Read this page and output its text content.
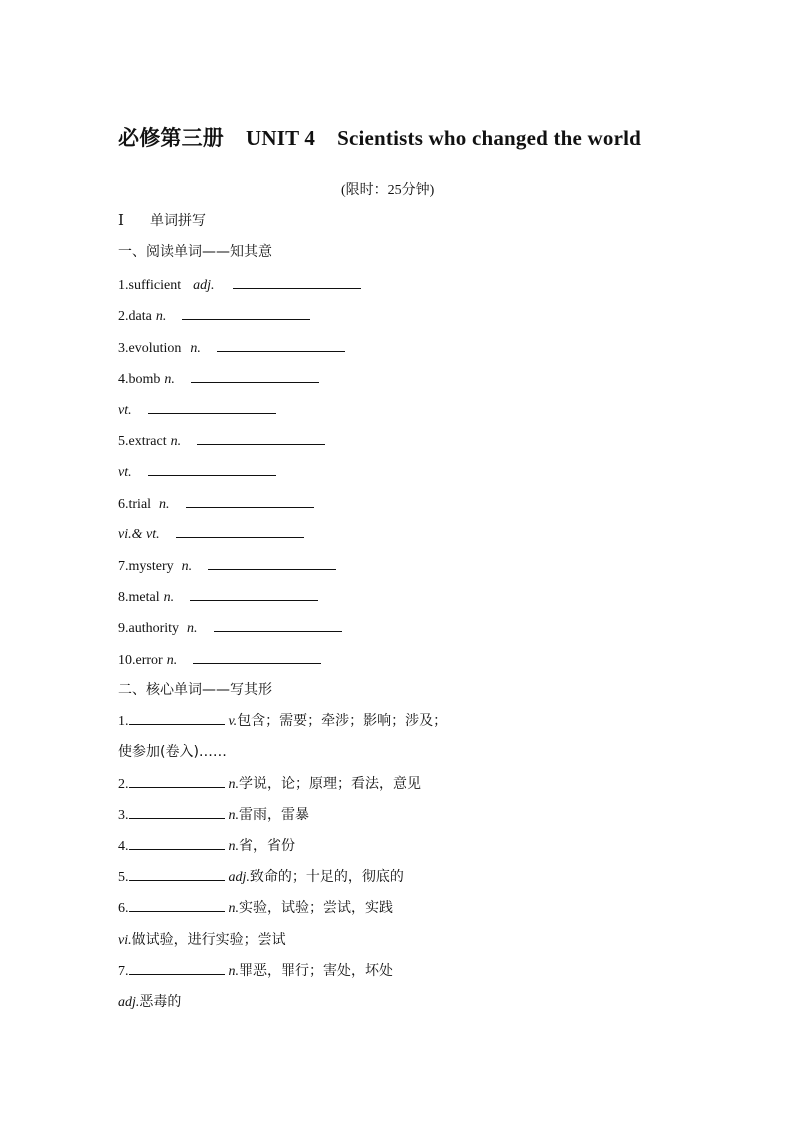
必修第三册 UNIT 4 Scientists who changed the world
(限时：25分钟)
Ⅰ 单词拼写
一、阅读单词——知其意
1.sufficient adj.
2.data n.
3.evolution n.
4.bomb n.
vt.
5.extract n.
vt.
6.trial n.
vi.& vt.
7.mystery n.
8.metal n.
9.authority n.
10.error n.
二、核心单词——写其形
1.	v.包含；需要；牵涉；影响；涉及；
使参加(卷入)……
2.	n.学说，论；原理；看法，意见
3.	n.雷雨，雷暴
4.	n.省，省份
5.	adj.致命的；十足的，彻底的
6.	n.实验，试验；尝试，实践
vi.做试验，进行实验；尝试
7.	n.罪恶，罪行；害处，坏处
adj.恶毒的
